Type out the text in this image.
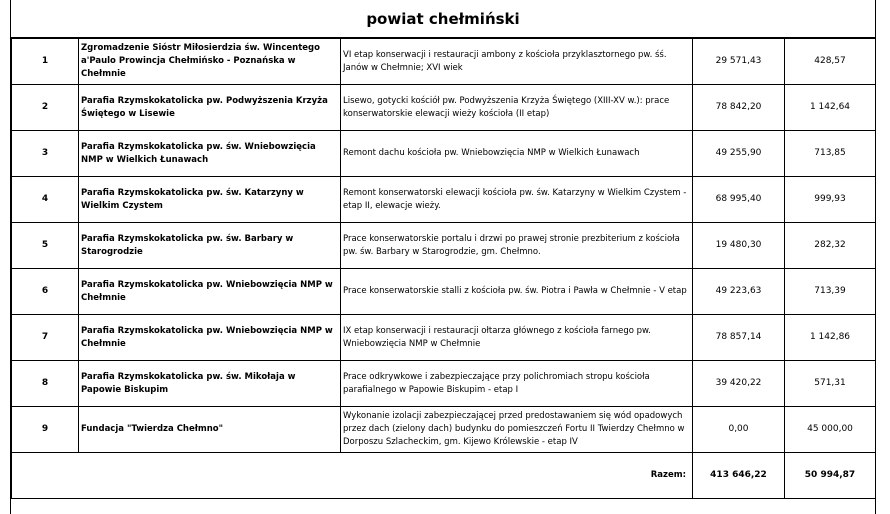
powiat chełmiński
1	Zgromadzenie Sióstr Miłosierdzia św. Wincentego a'Paulo Prowincja Chełmińsko - Poznańska w Chełmnie	VI etap konserwacji i restauracji ambony z kościoła przyklasztornego pw. śś. Janów w Chełmnie; XVI wiek	29 571,43	428,57
2	Parafia Rzymskokatolicka pw. Podwyższenia Krzyża Świętego w Lisewie	Lisewo, gotycki kościół pw. Podwyższenia Krzyża Świętego (XIII-XV w.): prace konserwatorskie elewacji wieży kościoła (II etap)	78 842,20	1 142,64
3	Parafia Rzymskokatolicka pw. św. Wniebowzięcia NMP w Wielkich Łunawach	Remont dachu kościoła pw. Wniebowzięcia NMP w Wielkich Łunawach	49 255,90	713,85
4	Parafia Rzymskokatolicka pw. św. Katarzyny w Wielkim Czystem	Remont konserwatorski elewacji kościoła pw. św. Katarzyny w Wielkim Czystem - etap II, elewacje wieży.	68 995,40	999,93
5	Parafia Rzymskokatolicka pw. św. Barbary w Starogrodzie	Prace konserwatorskie portalu i drzwi po prawej stronie prezbiterium z kościoła pw. św. Barbary w Starogrodzie, gm. Chełmno.	19 480,30	282,32
6	Parafia Rzymskokatolicka pw. Wniebowzięcia NMP w Chełmnie	Prace konserwatorskie stalli z kościoła pw. św. Piotra i Pawła w Chełmnie - V etap	49 223,63	713,39
7	Parafia Rzymskokatolicka pw. Wniebowzięcia NMP w Chełmnie	IX etap konserwacji i restauracji ołtarza głównego z kościoła farnego pw. Wniebowzięcia NMP w Chełmnie	78 857,14	1 142,86
8	Parafia Rzymskokatolicka pw. św. Mikołaja w Papowie Biskupim	Prace odkrywkowe i zabezpieczające przy polichromiach stropu kościoła parafialnego w Papowie Biskupim - etap I	39 420,22	571,31
9	Fundacja "Twierdza Chełmno"	Wykonanie izolacji zabezpieczającej przed predostawaniem się wód opadowych przez dach (zielony dach) budynku do pomieszczeń Fortu II Twierdzy Chełmno w Dorposzu Szlacheckim, gm. Kijewo Królewskie - etap IV	0,00	45 000,00
Razem:			413 646,22	50 994,87
